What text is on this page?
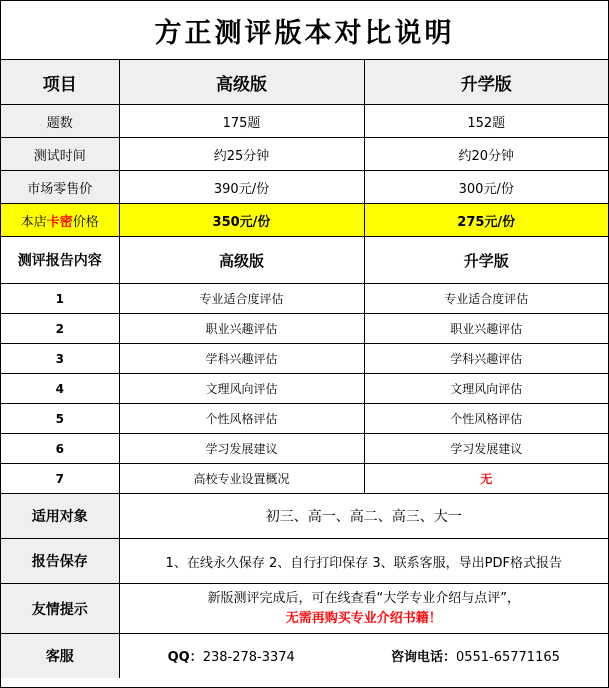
方正测评版本对比说明
项目	高级版	升学版
题数	175题	152题
测试时间	约25分钟	约20分钟
市场零售价	390元/份	300元/份
本店卡密价格	350元/份	275元/份
测评报告内容	高级版	升学版
1	专业适合度评估	专业适合度评估
2	职业兴趣评估	职业兴趣评估
3	学科兴趣评估	学科兴趣评估
4	文理风向评估	文理风向评估
5	个性风格评估	个性风格评估
6	学习发展建议	学习发展建议
7	高校专业设置概况	无
适用对象	初三、高一、高二、高三、大一	
报告保存	1、在线永久保存 2、自行打印保存 3、联系客服，导出PDF格式报告	
友情提示	新版测评完成后，可在线查看“大学专业介绍与点评”，
无需再购买专业介绍书籍！	

客服	QQ：238-278-3374 咨询电话：0551-65771165	
